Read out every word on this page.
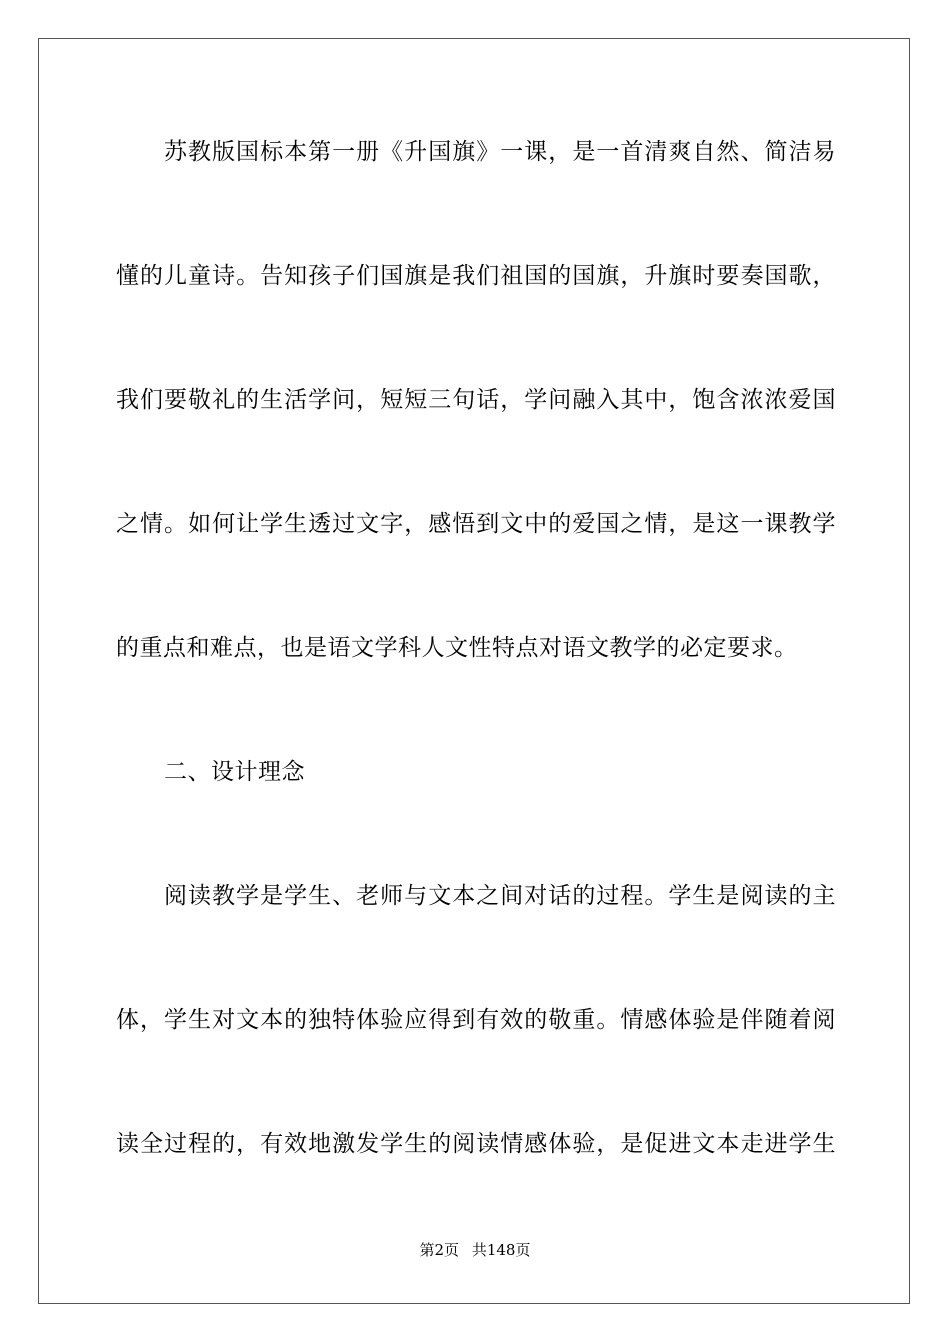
苏教版国标本第一册《升国旗》一课，是一首清爽自然、简洁易
懂的儿童诗。告知孩子们国旗是我们祖国的国旗，升旗时要奏国歌，
我们要敬礼的生活学问，短短三句话，学问融入其中，饱含浓浓爱国
之情。如何让学生透过文字，感悟到文中的爱国之情，是这一课教学
的重点和难点，也是语文学科人文性特点对语文教学的必定要求。
二、设计理念
阅读教学是学生、老师与文本之间对话的过程。学生是阅读的主
体，学生对文本的独特体验应得到有效的敬重。情感体验是伴随着阅
读全过程的，有效地激发学生的阅读情感体验，是促进文本走进学生
第2页 共148页
